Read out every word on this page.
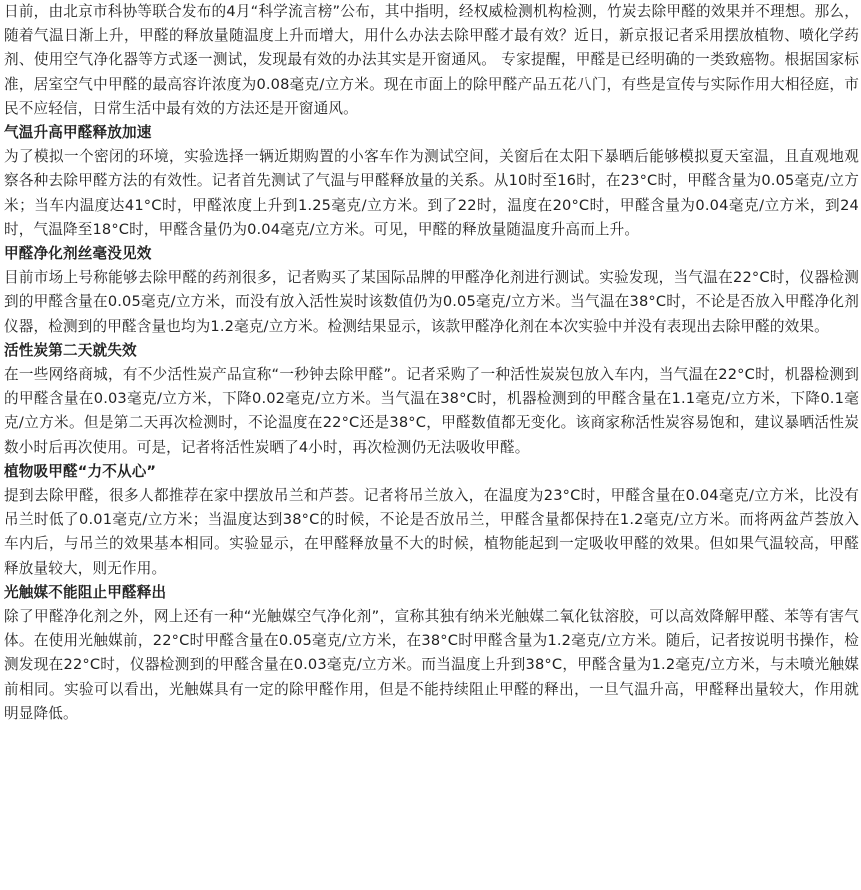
日前，由北京市科协等联合发布的4月“科学流言榜”公布，其中指明，经权威检测机构检测，竹炭去除甲醛的效果并不理想。那么，随着气温日渐上升，甲醛的释放量随温度上升而增大，用什么办法去除甲醛才最有效？近日，新京报记者采用摆放植物、喷化学药剂、使用空气净化器等方式逐一测试，发现最有效的办法其实是开窗通风。 专家提醒，甲醛是已经明确的一类致癌物。根据国家标准，居室空气中甲醛的最高容许浓度为0.08毫克/立方米。现在市面上的除甲醛产品五花八门，有些是宣传与实际作用大相径庭，市民不应轻信，日常生活中最有效的方法还是开窗通风。

气温升高甲醛释放加速

为了模拟一个密闭的环境，实验选择一辆近期购置的小客车作为测试空间，关窗后在太阳下暴晒后能够模拟夏天室温，且直观地观察各种去除甲醛方法的有效性。记者首先测试了气温与甲醛释放量的关系。从10时至16时，在23°C时，甲醛含量为0.05毫克/立方米；当车内温度达41°C时，甲醛浓度上升到1.25毫克/立方米。到了22时，温度在20°C时，甲醛含量为0.04毫克/立方米，到24时，气温降至18°C时，甲醛含量仍为0.04毫克/立方米。可见，甲醛的释放量随温度升高而上升。

甲醛净化剂丝毫没见效

目前市场上号称能够去除甲醛的药剂很多，记者购买了某国际品牌的甲醛净化剂进行测试。实验发现，当气温在22°C时，仪器检测到的甲醛含量在0.05毫克/立方米，而没有放入活性炭时该数值仍为0.05毫克/立方米。当气温在38°C时，不论是否放入甲醛净化剂仪器，检测到的甲醛含量也均为1.2毫克/立方米。检测结果显示，该款甲醛净化剂在本次实验中并没有表现出去除甲醛的效果。

活性炭第二天就失效

在一些网络商城，有不少活性炭产品宣称“一秒钟去除甲醛”。记者采购了一种活性炭炭包放入车内，当气温在22°C时，机器检测到的甲醛含量在0.03毫克/立方米，下降0.02毫克/立方米。当气温在38°C时，机器检测到的甲醛含量在1.1毫克/立方米，下降0.1毫克/立方米。但是第二天再次检测时，不论温度在22°C还是38°C，甲醛数值都无变化。该商家称活性炭容易饱和，建议暴晒活性炭数小时后再次使用。可是，记者将活性炭晒了4小时，再次检测仍无法吸收甲醛。

植物吸甲醛“力不从心”

提到去除甲醛，很多人都推荐在家中摆放吊兰和芦荟。记者将吊兰放入，在温度为23°C时，甲醛含量在0.04毫克/立方米，比没有吊兰时低了0.01毫克/立方米；当温度达到38°C的时候，不论是否放吊兰，甲醛含量都保持在1.2毫克/立方米。而将两盆芦荟放入车内后，与吊兰的效果基本相同。实验显示，在甲醛释放量不大的时候，植物能起到一定吸收甲醛的效果。但如果气温较高，甲醛释放量较大，则无作用。

光触媒不能阻止甲醛释出

除了甲醛净化剂之外，网上还有一种“光触媒空气净化剂”，宣称其独有纳米光触媒二氧化钛溶胶，可以高效降解甲醛、苯等有害气体。在使用光触媒前，22°C时甲醛含量在0.05毫克/立方米，在38°C时甲醛含量为1.2毫克/立方米。随后，记者按说明书操作，检测发现在22°C时，仪器检测到的甲醛含量在0.03毫克/立方米。而当温度上升到38°C，甲醛含量为1.2毫克/立方米，与未喷光触媒前相同。实验可以看出，光触媒具有一定的除甲醛作用，但是不能持续阻止甲醛的释出，一旦气温升高，甲醛释出量较大，作用就明显降低。
